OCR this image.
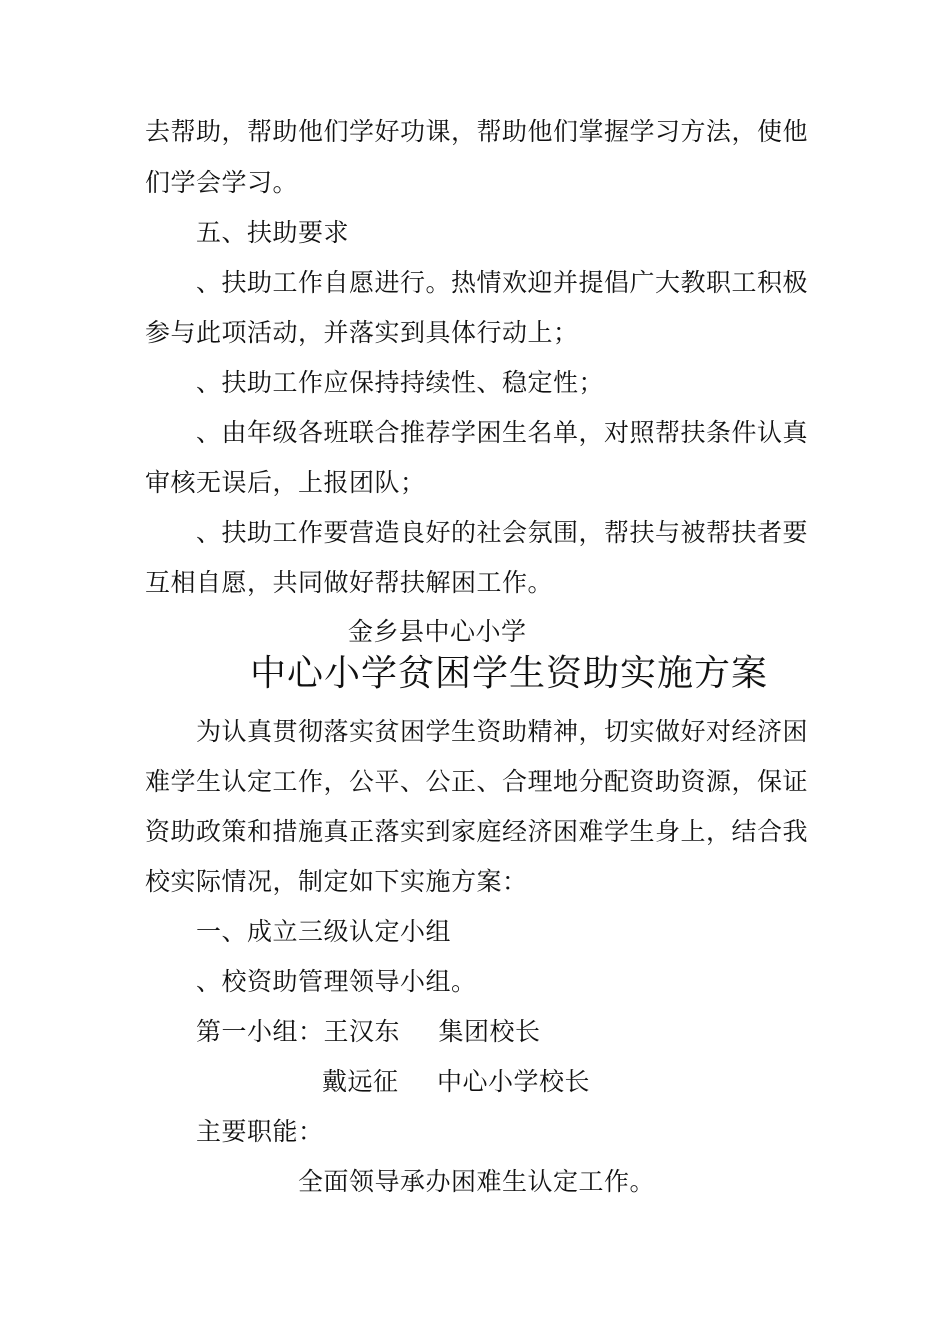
去帮助，帮助他们学好功课，帮助他们掌握学习方法，使他
们学会学习。
五、扶助要求
、扶助工作自愿进行。热情欢迎并提倡广大教职工积极
参与此项活动，并落实到具体行动上；
、扶助工作应保持持续性、稳定性；
、由年级各班联合推荐学困生名单，对照帮扶条件认真
审核无误后，上报团队；
、扶助工作要营造良好的社会氛围，帮扶与被帮扶者要
互相自愿，共同做好帮扶解困工作。
金乡县中心小学
中心小学贫困学生资助实施方案
为认真贯彻落实贫困学生资助精神，切实做好对经济困
难学生认定工作，公平、公正、合理地分配资助资源，保证
资助政策和措施真正落实到家庭经济困难学生身上，结合我
校实际情况，制定如下实施方案：
一、成立三级认定小组
、校资助管理领导小组。
第一小组：王汉东 集团校长
戴远征 中心小学校长
主要职能：
全面领导承办困难生认定工作。
